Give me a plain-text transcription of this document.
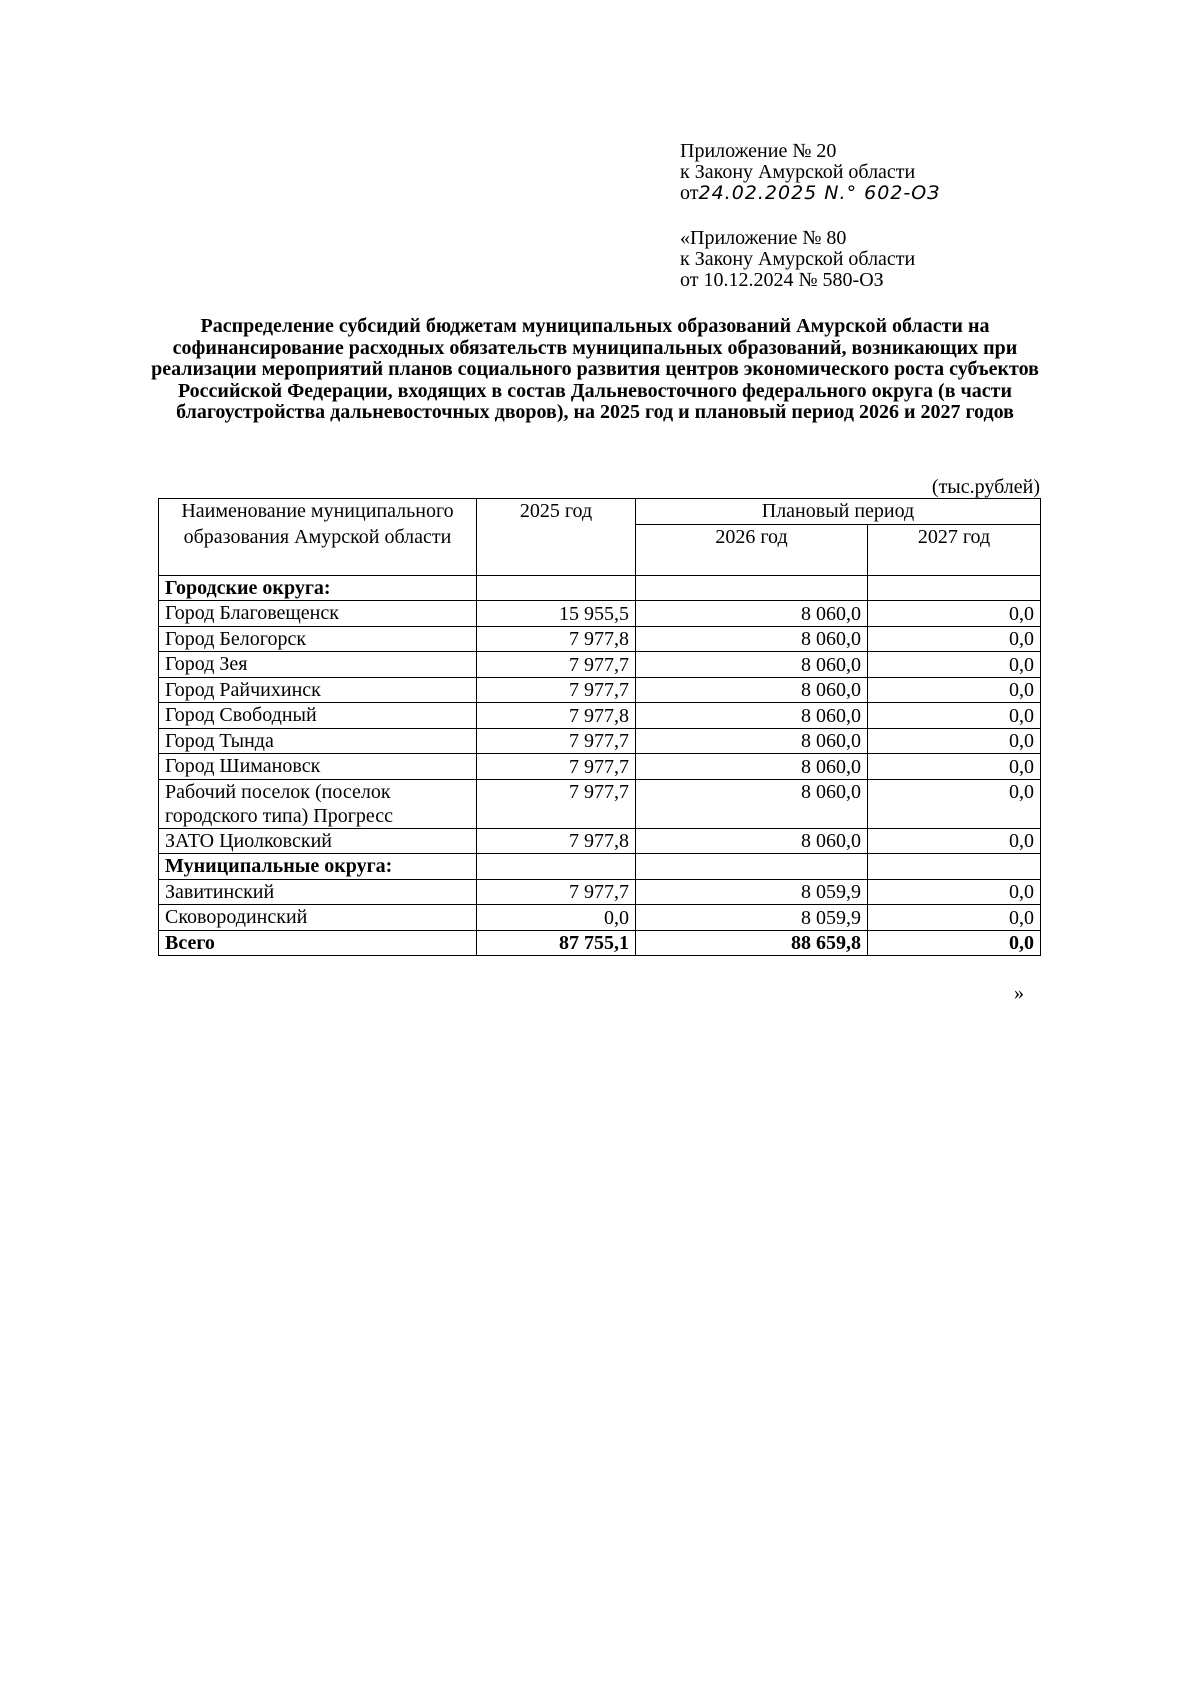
Приложение № 20
к Закону Амурской области
от24.02.2025 N.° 602-ОЗ
«Приложение № 80
к Закону Амурской области
от 10.12.2024 № 580-ОЗ
Распределение субсидий бюджетам муниципальных образований Амурской области на софинансирование расходных обязательств муниципальных образований, возникающих при реализации мероприятий планов социального развития центров экономического роста субъектов Российской Федерации, входящих в состав Дальневосточного федерального округа (в части благоустройства дальневосточных дворов), на 2025 год и плановый период 2026 и 2027 годов
(тыс.рублей)
Наименование муниципального образования Амурской области	2025 год	Плановый период	
		2026 год	2027 год
Городские округа:			
Город Благовещенск	15 955,5	8 060,0	0,0
Город Белогорск	7 977,8	8 060,0	0,0
Город Зея	7 977,7	8 060,0	0,0
Город Райчихинск	7 977,7	8 060,0	0,0
Город Свободный	7 977,8	8 060,0	0,0
Город Тында	7 977,7	8 060,0	0,0
Город Шимановск	7 977,7	8 060,0	0,0
Рабочий поселок (поселок городского типа) Прогресс	7 977,7	8 060,0	0,0
ЗАТО Циолковский	7 977,8	8 060,0	0,0
Муниципальные округа:			
Завитинский	7 977,7	8 059,9	0,0
Сковородинский	0,0	8 059,9	0,0
Всего	87 755,1	88 659,8	0,0
»
